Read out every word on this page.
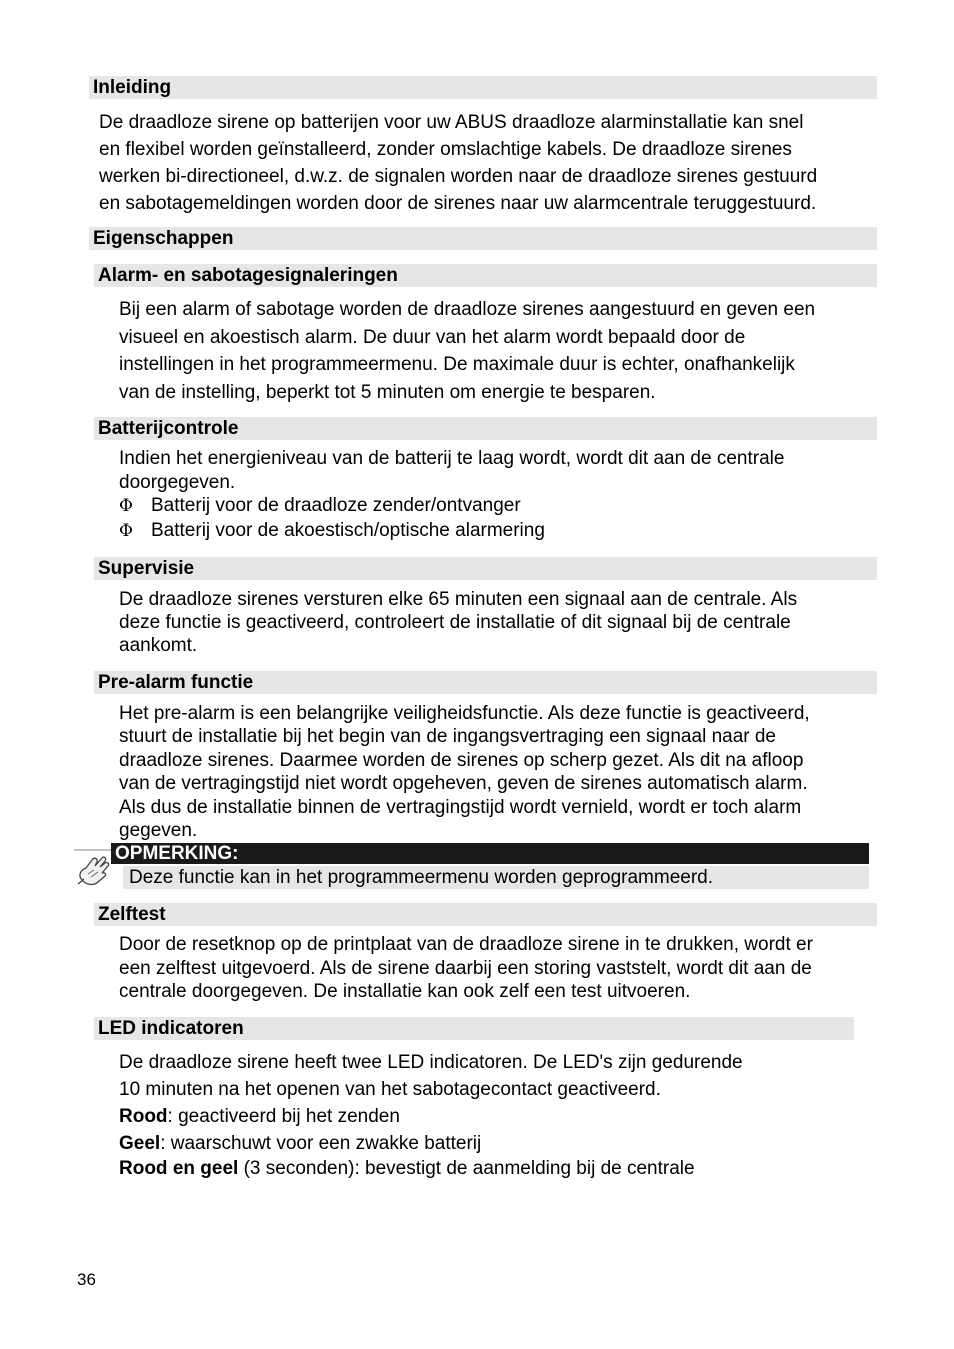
Inleiding
De draadloze sirene op batterijen voor uw ABUS draadloze alarminstallatie kan snel
en flexibel worden geïnstalleerd, zonder omslachtige kabels. De draadloze sirenes
werken bi-directioneel, d.w.z. de signalen worden naar de draadloze sirenes gestuurd
en sabotagemeldingen worden door de sirenes naar uw alarmcentrale teruggestuurd.
Eigenschappen
Alarm- en sabotagesignaleringen
Bij een alarm of sabotage worden de draadloze sirenes aangestuurd en geven een
visueel en akoestisch alarm. De duur van het alarm wordt bepaald door de
instellingen in het programmeermenu. De maximale duur is echter, onafhankelijk
van de instelling, beperkt tot 5 minuten om energie te besparen.
Batterijcontrole
Indien het energieniveau van de batterij te laag wordt, wordt dit aan de centrale
doorgegeven.
Φ Batterij voor de draadloze zender/ontvanger
Φ Batterij voor de akoestisch/optische alarmering
Supervisie
De draadloze sirenes versturen elke 65 minuten een signaal aan de centrale. Als
deze functie is geactiveerd, controleert de installatie of dit signaal bij de centrale
aankomt.
Pre-alarm functie
Het pre-alarm is een belangrijke veiligheidsfunctie. Als deze functie is geactiveerd,
stuurt de installatie bij het begin van de ingangsvertraging een signaal naar de
draadloze sirenes. Daarmee worden de sirenes op scherp gezet. Als dit na afloop
van de vertragingstijd niet wordt opgeheven, geven de sirenes automatisch alarm.
Als dus de installatie binnen de vertragingstijd wordt vernield, wordt er toch alarm
gegeven.
OPMERKING:
Deze functie kan in het programmeermenu worden geprogrammeerd.
Zelftest
Door de resetknop op de printplaat van de draadloze sirene in te drukken, wordt er
een zelftest uitgevoerd. Als de sirene daarbij een storing vaststelt, wordt dit aan de
centrale doorgegeven. De installatie kan ook zelf een test uitvoeren.
LED indicatoren
De draadloze sirene heeft twee LED indicatoren. De LED's zijn gedurende
10 minuten na het openen van het sabotagecontact geactiveerd.
Rood: geactiveerd bij het zenden
Geel: waarschuwt voor een zwakke batterij
Rood en geel (3 seconden): bevestigt de aanmelding bij de centrale
36
